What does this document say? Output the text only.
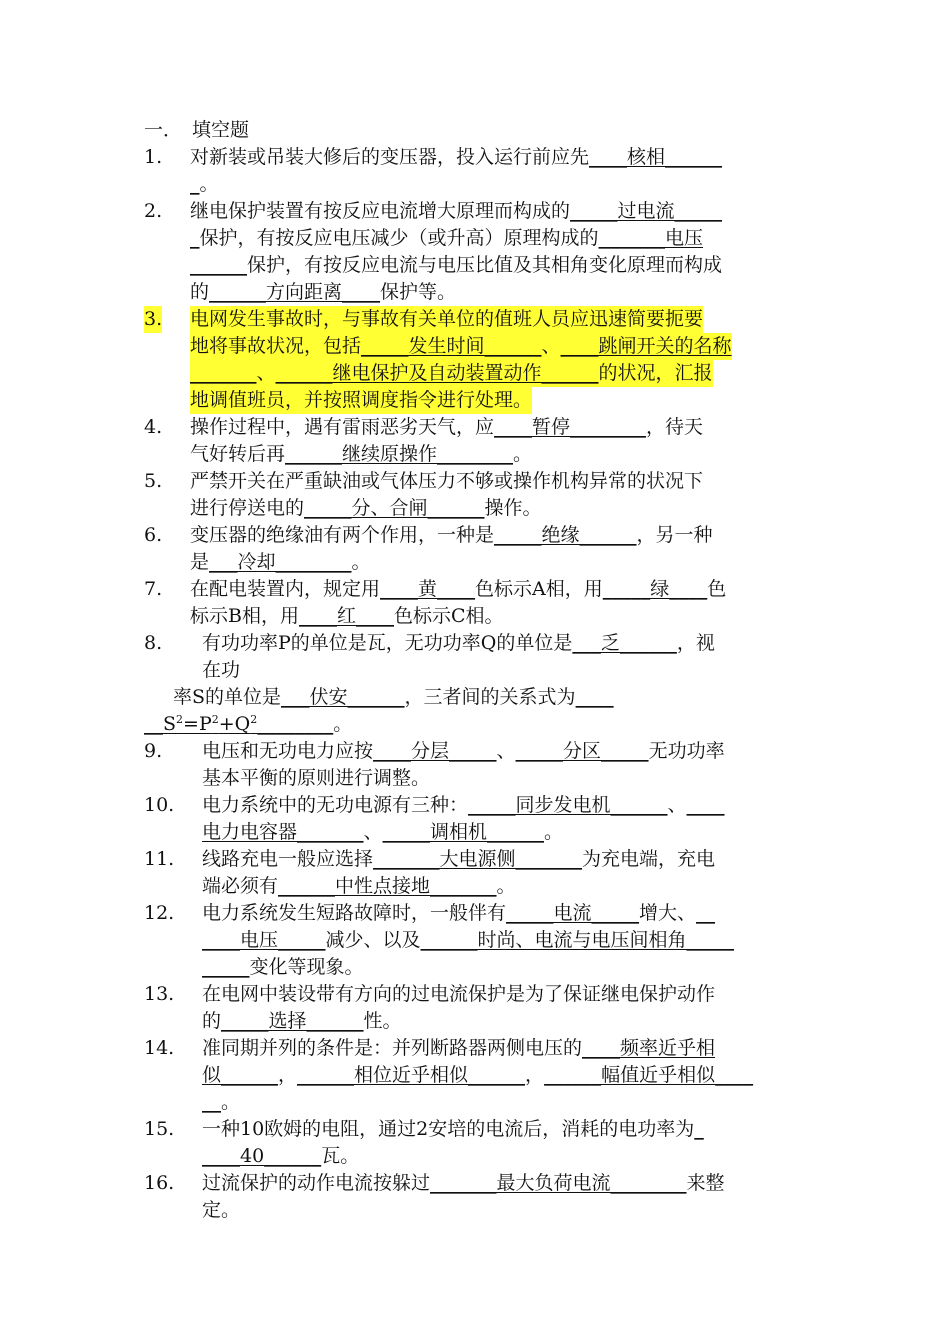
一． 填空题
1. 对新装或吊装大修后的变压器，投入运行前应先____核相______
_。
2. 继电保护装置有按反应电流增大原理而构成的_____过电流_____
_保护，有按反应电压减少（或升高）原理构成的_______电压
______保护，有按反应电流与电压比值及其相角变化原理而构成
的______方向距离____保护等。
3. 电网发生事故时，与事故有关单位的值班人员应迅速简要扼要
地将事故状况，包括_____发生时间______、____跳闸开关的名称
_______、______继电保护及自动装置动作______的状况，汇报
地调值班员，并按照调度指令进行处理。
4. 操作过程中，遇有雷雨恶劣天气，应____暂停________，待天
气好转后再______继续原操作________。
5. 严禁开关在严重缺油或气体压力不够或操作机构异常的状况下
进行停送电的_____分、合闸______操作。
6. 变压器的绝缘油有两个作用，一种是_____绝缘______，另一种
是___冷却________。
7. 在配电装置内，规定用____黄____色标示A相，用_____绿____色
标示B相，用____红____色标示C相。
8. 有功功率P的单位是瓦，无功功率Q的单位是___乏______，视
在功
率S的单位是___伏安______，三者间的关系式为____
$\_\_S^2=P^2+Q^2\_\_\_\_\_\_\_\_$。
9. 电压和无功电力应按____分层_____、_____分区_____无功功率
基本平衡的原则进行调整。
10. 电力系统中的无功电源有三种：_____同步发电机______、____
电力电容器_______、_____调相机______。
11. 线路充电一般应选择_______大电源侧_______为充电端，充电
端必须有______中性点接地_______。
12. 电力系统发生短路故障时，一般伴有_____电流_____增大、__
____电压_____减少、以及______时尚、电流与电压间相角_____
_____变化等现象。
13. 在电网中装设带有方向的过电流保护是为了保证继电保护动作
的_____选择______性。
14. 准同期并列的条件是：并列断路器两侧电压的____频率近乎相
似______，______相位近乎相似______，______幅值近乎相似____
__。
15. 一种10欧姆的电阻，通过2安培的电流后，消耗的电功率为_
____40______瓦。
16. 过流保护的动作电流按躲过_______最大负荷电流________来整
定。
